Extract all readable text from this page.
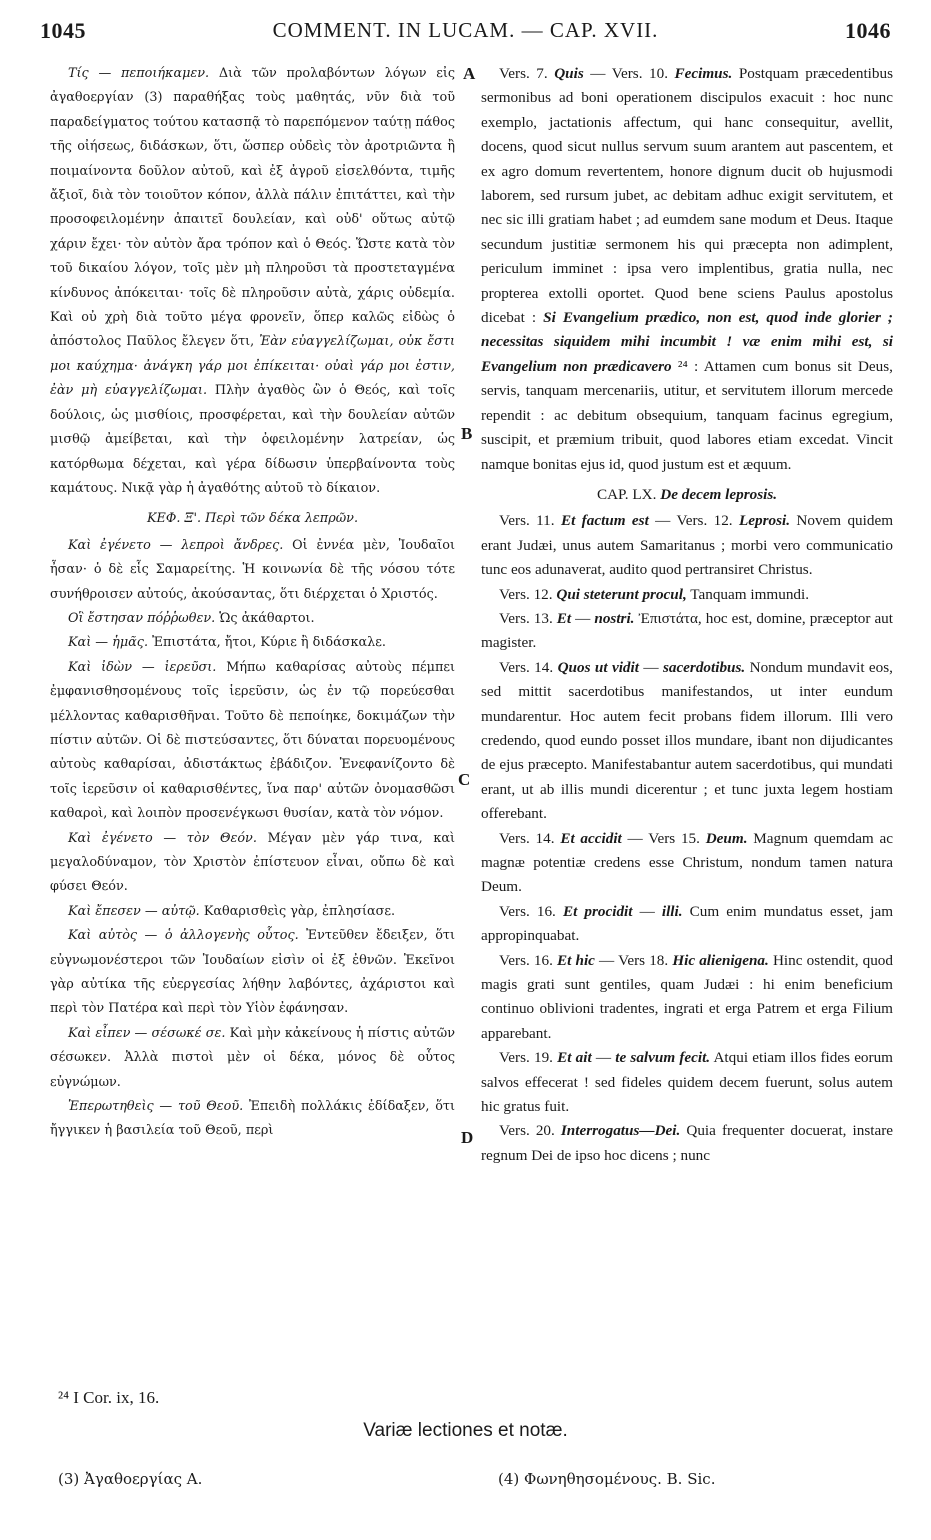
1045	COMMENT. IN LUCAM. — CAP. XVII.	1046
A
B
C
D

Τίς — πεποιήκαμεν. Διὰ τῶν προλαβόντων λόγων εἰς ἀγαθοεργίαν (3) παραθήξας τοὺς μαθητάς, νῦν διὰ τοῦ παραδείγματος τούτου κατασπᾷ τὸ παρεπόμενον ταύτῃ πάθος τῆς οἰήσεως, διδάσκων, ὅτι, ὥσπερ οὐδεὶς τὸν ἀροτριῶντα ἢ ποιμαίνοντα δοῦλον αὐτοῦ, καὶ ἐξ ἀγροῦ εἰσελθόντα, τιμῆς ἄξιοῖ, διὰ τὸν τοιοῦτον κόπον, ἀλλὰ πάλιν ἐπιτάττει, καὶ τὴν προσοφειλομένην ἀπαιτεῖ δουλείαν, καὶ οὐδ' οὕτως αὐτῷ χάριν ἔχει· τὸν αὐτὸν ἄρα τρόπον καὶ ὁ Θεός. Ὥστε κατὰ τὸν τοῦ δικαίου λόγον, τοῖς μὲν μὴ πληροῦσι τὰ προστεταγμένα κίνδυνος ἀπόκειται· τοῖς δὲ πληροῦσιν αὐτὰ, χάρις οὐδεμία. Καὶ οὐ χρὴ διὰ τοῦτο μέγα φρονεῖν, ὅπερ καλῶς εἰδὼς ὁ ἀπόστολος Παῦλος ἔλεγεν ὅτι, Ἐὰν εὐαγγελίζωμαι, οὐκ ἔστι μοι καύχημα· ἀνάγκη γάρ μοι ἐπίκειται· οὐαὶ γάρ μοι ἐστιν, ἐὰν μὴ εὐαγγελίζωμαι. Πλὴν ἀγαθὸς ὢν ὁ Θεός, καὶ τοῖς δούλοις, ὡς μισθίοις, προσφέρεται, καὶ τὴν δουλείαν αὐτῶν μισθῷ ἀμείβεται, καὶ τὴν ὀφειλομένην λατρείαν, ὡς κατόρθωμα δέχεται, καὶ γέρα δίδωσιν ὑπερβαίνοντα τοὺς καμάτους. Νικᾷ γὰρ ἡ ἀγαθότης αὐτοῦ τὸ δίκαιον.

ΚΕΦ. Ξ'. Περὶ τῶν δέκα λεπρῶν.

Καὶ ἐγένετο — λεπροὶ ἄνδρες. Οἱ ἐννέα μὲν, Ἰουδαῖοι ἦσαν· ὁ δὲ εἷς Σαμαρείτης. Ἡ κοινωνία δὲ τῆς νόσου τότε συνήθροισεν αὐτούς, ἀκούσαντας, ὅτι διέρχεται ὁ Χριστός.

Οἳ ἔστησαν πόῤῥωθεν. Ὡς ἀκάθαρτοι.

Καὶ — ἡμᾶς. Ἐπιστάτα, ἤτοι, Κύριε ἢ διδάσκαλε.

Καὶ ἰδὼν — ἱερεῦσι. Μήπω καθαρίσας αὐτοὺς πέμπει ἐμφανισθησομένους τοῖς ἱερεῦσιν, ὡς ἐν τῷ πορεύεσθαι μέλλοντας καθαρισθῆναι. Τοῦτο δὲ πεποίηκε, δοκιμάζων τὴν πίστιν αὐτῶν. Οἱ δὲ πιστεύσαντες, ὅτι δύναται πορευομένους αὐτοὺς καθαρίσαι, ἀδιστάκτως ἐβάδιζον. Ἐνεφανίζοντο δὲ τοῖς ἱερεῦσιν οἱ καθαρισθέντες, ἵνα παρ' αὐτῶν ὀνομασθῶσι καθαροὶ, καὶ λοιπὸν προσενέγκωσι θυσίαν, κατὰ τὸν νόμον.

Καὶ ἐγένετο — τὸν Θεόν. Μέγαν μὲν γάρ τινα, καὶ μεγαλοδύναμον, τὸν Χριστὸν ἐπίστευον εἶναι, οὔπω δὲ καὶ φύσει Θεόν.

Καὶ ἔπεσεν — αὐτῷ. Καθαρισθεὶς γὰρ, ἐπλησίασε.

Καὶ αὐτὸς — ὁ ἀλλογενὴς οὗτος. Ἐντεῦθεν ἔδειξεν, ὅτι εὐγνωμονέστεροι τῶν Ἰουδαίων εἰσὶν οἱ ἐξ ἐθνῶν. Ἐκεῖνοι γὰρ αὐτίκα τῆς εὐεργεσίας λήθην λαβόντες, ἀχάριστοι καὶ περὶ τὸν Πατέρα καὶ περὶ τὸν Υἱὸν ἐφάνησαν.

Καὶ εἶπεν — σέσωκέ σε. Καὶ μὴν κἀκείνους ἡ πίστις αὐτῶν σέσωκεν. Ἀλλὰ πιστοὶ μὲν οἱ δέκα, μόνος δὲ οὗτος εὐγνώμων.

Ἐπερωτηθεὶς — τοῦ Θεοῦ. Ἐπειδὴ πολλάκις ἐδίδαξεν, ὅτι ἤγγικεν ἡ βασιλεία τοῦ Θεοῦ, περὶ

Vers. 7. Quis — Vers. 10. Fecimus. Postquam præcedentibus sermonibus ad boni operationem discipulos exacuit : hoc nunc exemplo, jactationis affectum, qui hanc consequitur, avellit, docens, quod sicut nullus servum suum arantem aut pascentem, et ex agro domum revertentem, honore dignum ducit ob hujusmodi laborem, sed rursum jubet, ac debitam adhuc exigit servitutem, et nec sic illi gratiam habet ; ad eumdem sane modum et Deus. Itaque secundum justitiæ sermonem his qui præcepta non adimplent, periculum imminet : ipsa vero implentibus, gratia nulla, nec propterea extolli oportet. Quod bene sciens Paulus apostolus dicebat : Si Evangelium prædico, non est, quod inde glorier ; necessitas siquidem mihi incumbit ! væ enim mihi est, si Evangelium non prædicavero ²⁴ : Attamen cum bonus sit Deus, servis, tanquam mercenariis, utitur, et servitutem illorum mercede rependit : ac debitum obsequium, tanquam facinus egregium, suscipit, et præmium tribuit, quod labores etiam excedat. Vincit namque bonitas ejus id, quod justum est et æquum.

CAP. LX. De decem leprosis.

Vers. 11. Et factum est — Vers. 12. Leprosi. Novem quidem erant Judæi, unus autem Samaritanus ; morbi vero communicatio tunc eos adunaverat, audito quod pertransiret Christus.

Vers. 12. Qui steterunt procul, Tanquam immundi.

Vers. 13. Et — nostri. Ἐπιστάτα, hoc est, domine, præceptor aut magister.

Vers. 14. Quos ut vidit — sacerdotibus. Nondum mundavit eos, sed mittit sacerdotibus manifestandos, ut inter eundum mundarentur. Hoc autem fecit probans fidem illorum. Illi vero credendo, quod eundo posset illos mundare, ibant non dijudicantes de ejus præcepto. Manifestabantur autem sacerdotibus, qui mundati erant, ut ab illis mundi dicerentur ; et tunc juxta legem hostiam offerebant.

Vers. 14. Et accidit — Vers 15. Deum. Magnum quemdam ac magnæ potentiæ credens esse Christum, nondum tamen natura Deum.

Vers. 16. Et procidit — illi. Cum enim mundatus esset, jam appropinquabat.

Vers. 16. Et hic — Vers 18. Hic alienigena. Hinc ostendit, quod magis grati sunt gentiles, quam Judæi : hi enim beneficium continuo oblivioni tradentes, ingrati et erga Patrem et erga Filium apparebant.

Vers. 19. Et ait — te salvum fecit. Atqui etiam illos fides eorum salvos effecerat ! sed fideles quidem decem fuerunt, solus autem hic gratus fuit.

Vers. 20. Interrogatus—Dei. Quia frequenter docuerat, instare regnum Dei de ipso hoc dicens ; nunc

²⁴ I Cor. ix, 16.
Variæ lectiones et notæ.
(3) Ἀγαθοεργίας A.	(4) Φωνηθησομένους. B. Sic.
